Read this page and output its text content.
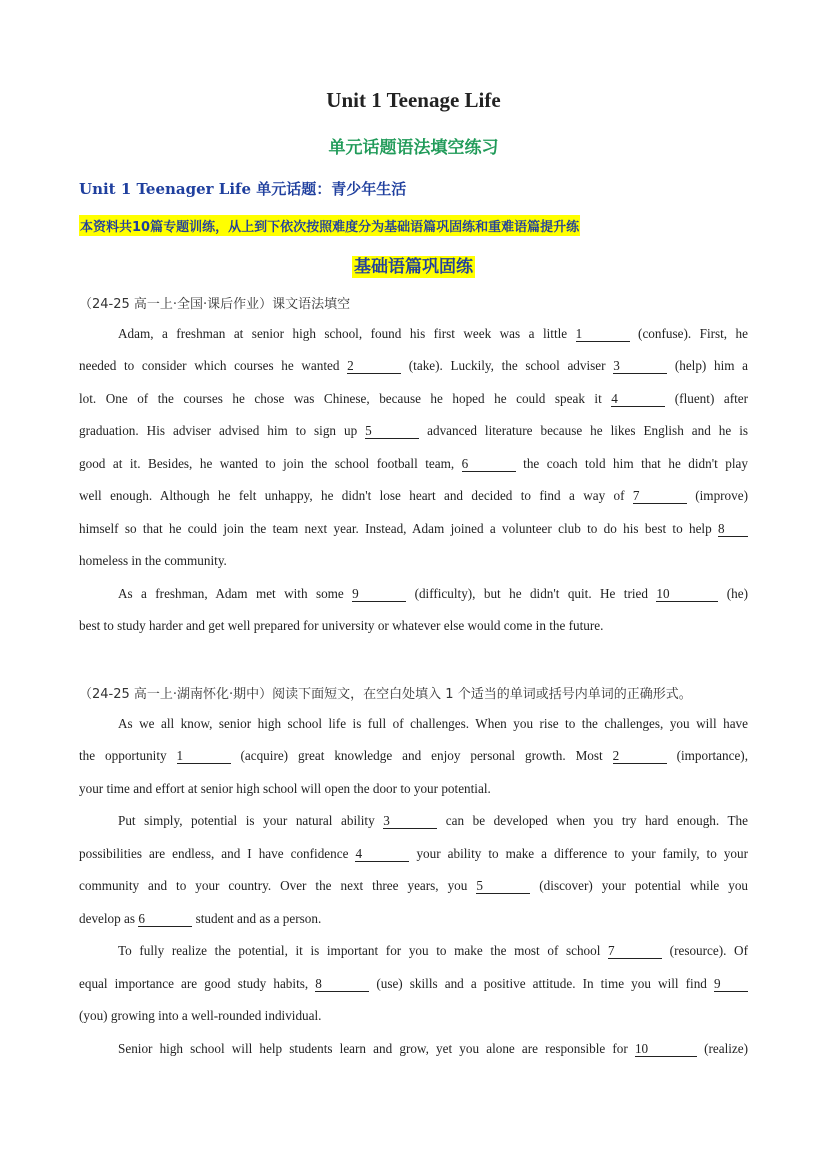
Unit 1 Teenage Life
单元话题语法填空练习
Unit 1 Teenager Life 单元话题：青少年生活
本资料共10篇专题训练，从上到下依次按照难度分为基础语篇巩固练和重难语篇提升练
基础语篇巩固练
（24-25 高一上·全国·课后作业）课文语法填空
Adam, a freshman at senior high school, found his first week was a little 1	(confuse). First, he
needed to consider which courses he wanted 2	(take). Luckily, the school adviser 3	(help) him a
lot. One of the courses he chose was Chinese, because he hoped he could speak it 4	(fluent) after
graduation. His adviser advised him to sign up 5	advanced literature because he likes English and he is
good at it. Besides, he wanted to join the school football team, 6	the coach told him that he didn't play
well enough. Although he felt unhappy, he didn't lose heart and decided to find a way of 7	(improve)
himself so that he could join the team next year. Instead, Adam joined a volunteer club to do his best to help 8
homeless in the community.
As a freshman, Adam met with some 9	(difficulty), but he didn't quit. He tried 10	(he)
best to study harder and get well prepared for university or whatever else would come in the future.
（24-25 高一上·湖南怀化·期中）阅读下面短文，在空白处填入 1 个适当的单词或括号内单词的正确形式。
As we all know, senior high school life is full of challenges. When you rise to the challenges, you will have
the opportunity 1	(acquire) great knowledge and enjoy personal growth. Most 2	(importance),
your time and effort at senior high school will open the door to your potential.
Put simply, potential is your natural ability 3	can be developed when you try hard enough. The
possibilities are endless, and I have confidence 4	your ability to make a difference to your family, to your
community and to your country. Over the next three years, you 5	(discover) your potential while you
develop as 6	student and as a person.
To fully realize the potential, it is important for you to make the most of school 7	(resource). Of
equal importance are good study habits, 8	(use) skills and a positive attitude. In time you will find 9
(you) growing into a well-rounded individual.
Senior high school will help students learn and grow, yet you alone are responsible for 10	(realize)
